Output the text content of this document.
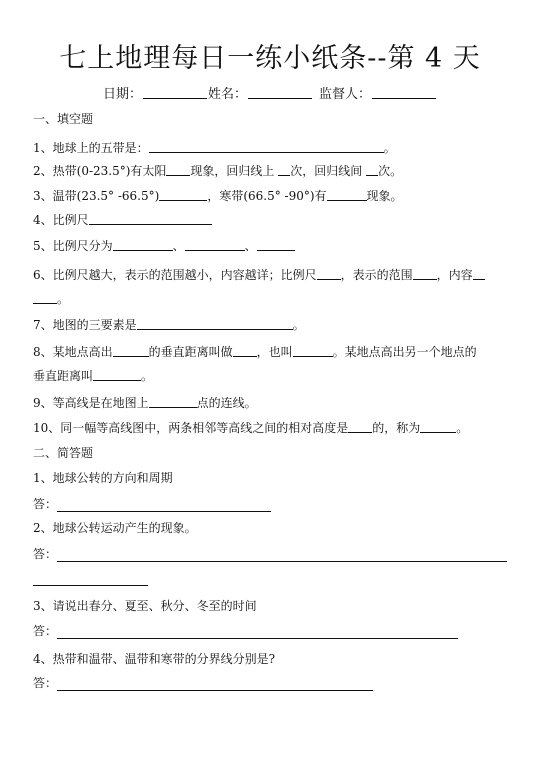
七上地理每日一练小纸条--第 4 天
日期：	姓名：	监督人：
一、填空题
1、地球上的五带是：	。
2、热带(0-23.5°)有太阳 现象，回归线上 次，回归线间 次。
3、温带(23.5° -66.5°)	，寒带(66.5° -90°)有	现象。
4、比例尺
5、比例尺分为	、	、
6、比例尺越大，表示的范围越小，内容越详；比例尺 ，表示的范围 ，内容
。
7、地图的三要素是	。
8、某地点高出	的垂直距离叫做 ，也叫	。某地点高出另一个地点的
垂直距离叫	。
9、等高线是在地图上	点的连线。
10、同一幅等高线图中，两条相邻等高线之间的相对高度是 的，称为	。
二、简答题
1、地球公转的方向和周期
答：
2、地球公转运动产生的现象。
答：
3、请说出春分、夏至、秋分、冬至的时间
答：
4、热带和温带、温带和寒带的分界线分别是?
答：
